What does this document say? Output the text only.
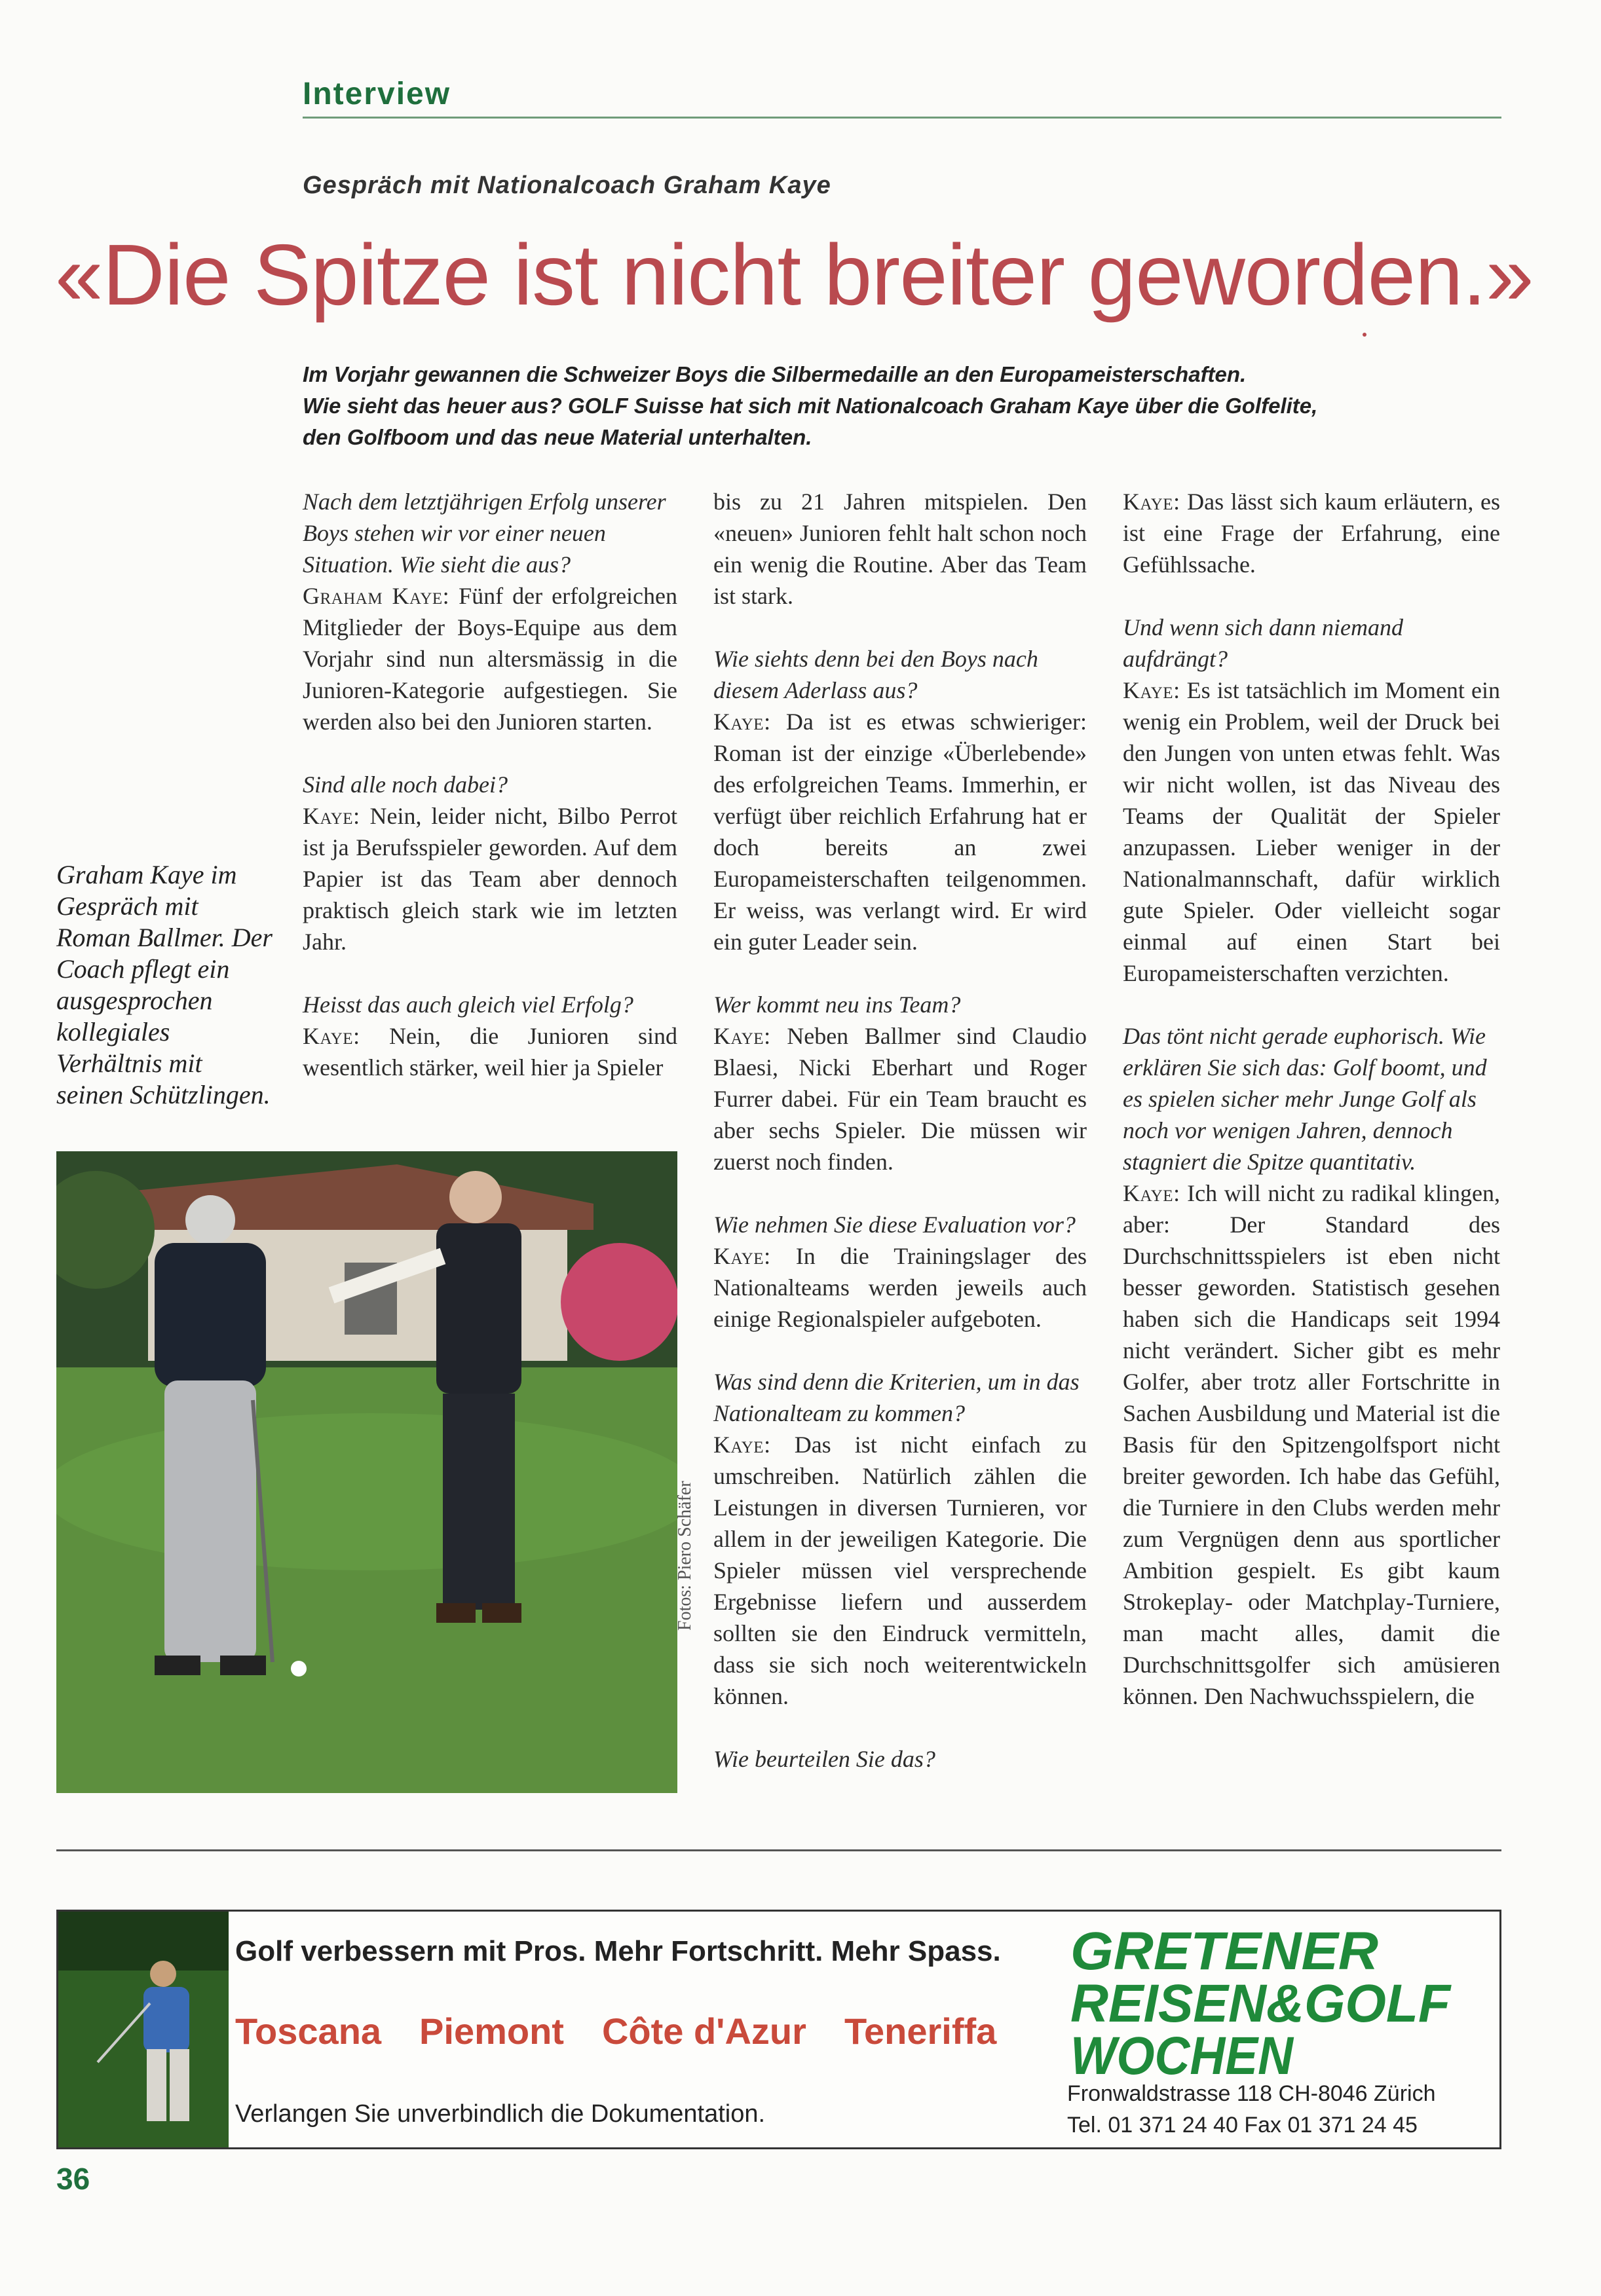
Interview
Gespräch mit Nationalcoach Graham Kaye
«Die Spitze ist nicht breiter geworden.»

Im Vorjahr gewannen die Schweizer Boys die Silbermedaille an den Europameisterschaften.

Wie sieht das heuer aus? GOLF Suisse hat sich mit Nationalcoach Graham Kaye über die Golfelite,

den Golfboom und das neue Material unterhalten.

Nach dem letztjährigen Erfolg unserer Boys stehen wir vor einer neuen Situation. Wie sieht die aus?
Graham Kaye: Fünf der erfolgreichen Mitglieder der Boys-Equipe aus dem Vorjahr sind nun altersmässig in die Junioren-Kategorie aufgestiegen. Sie werden also bei den Junioren starten.

Sind alle noch dabei?
Kaye: Nein, leider nicht, Bilbo Perrot ist ja Berufsspieler geworden. Auf dem Papier ist das Team aber dennoch praktisch gleich stark wie im letzten Jahr.

Heisst das auch gleich viel Erfolg?
Kaye: Nein, die Junioren sind wesentlich stärker, weil hier ja Spieler

bis zu 21 Jahren mitspielen. Den «neuen» Junioren fehlt halt schon noch ein wenig die Routine. Aber das Team ist stark.

Wie siehts denn bei den Boys nach diesem Aderlass aus?
Kaye: Da ist es etwas schwieriger: Roman ist der einzige «Überlebende» des erfolgreichen Teams. Immerhin, er verfügt über reichlich Erfahrung hat er doch bereits an zwei Europameisterschaften teilgenommen. Er weiss, was verlangt wird. Er wird ein guter Leader sein.

Wer kommt neu ins Team?
Kaye: Neben Ballmer sind Claudio Blaesi, Nicki Eberhart und Roger Furrer dabei. Für ein Team braucht es aber sechs Spieler. Die müssen wir zuerst noch finden.

Wie nehmen Sie diese Evaluation vor?
Kaye: In die Trainingslager des Nationalteams werden jeweils auch einige Regionalspieler aufgeboten.

Was sind denn die Kriterien, um in das Nationalteam zu kommen?
Kaye: Das ist nicht einfach zu umschreiben. Natürlich zählen die Leistungen in diversen Turnieren, vor allem in der jeweiligen Kategorie. Die Spieler müssen viel versprechende Ergebnisse liefern und ausserdem sollten sie den Eindruck vermitteln, dass sie sich noch weiterentwickeln können.

Wie beurteilen Sie das?

Kaye: Das lässt sich kaum erläutern, es ist eine Frage der Erfahrung, eine Gefühlssache.

Und wenn sich dann niemand aufdrängt?
Kaye: Es ist tatsächlich im Moment ein wenig ein Problem, weil der Druck bei den Jungen von unten etwas fehlt. Was wir nicht wollen, ist das Niveau des Teams der Qualität der Spieler anzupassen. Lieber weniger in der Nationalmannschaft, dafür wirklich gute Spieler. Oder vielleicht sogar einmal auf einen Start bei Europameisterschaften verzichten.

Das tönt nicht gerade euphorisch. Wie erklären Sie sich das: Golf boomt, und es spielen sicher mehr Junge Golf als noch vor wenigen Jahren, dennoch stagniert die Spitze quantitativ.
Kaye: Ich will nicht zu radikal klingen, aber: Der Standard des Durchschnittsspielers ist eben nicht besser geworden. Statistisch gesehen haben sich die Handicaps seit 1994 nicht verändert. Sicher gibt es mehr Golfer, aber trotz aller Fortschritte in Sachen Ausbildung und Material ist die Basis für den Spitzengolfsport nicht breiter geworden. Ich habe das Gefühl, die Turniere in den Clubs werden mehr zum Vergnügen denn aus sportlicher Ambition gespielt. Es gibt kaum Strokeplay- oder Matchplay-Turniere, man macht alles, damit die Durchschnittsgolfer sich amüsieren können. Den Nachwuchsspielern, die

Graham Kaye im Gespräch mit Roman Ballmer. Der Coach pflegt ein ausgesprochen kollegiales Verhältnis mit seinen Schützlingen.
Fotos: Piero Schäfer
Golf verbessern mit Pros. Mehr Fortschritt. Mehr Spass.
Toscana Piemont Côte d'Azur Teneriffa
Verlangen Sie unverbindlich die Dokumentation.
GRETENER
REISEN&GOLF
WOCHEN
Fronwaldstrasse 118 CH-8046 Zürich
Tel. 01 371 24 40 Fax 01 371 24 45
36
